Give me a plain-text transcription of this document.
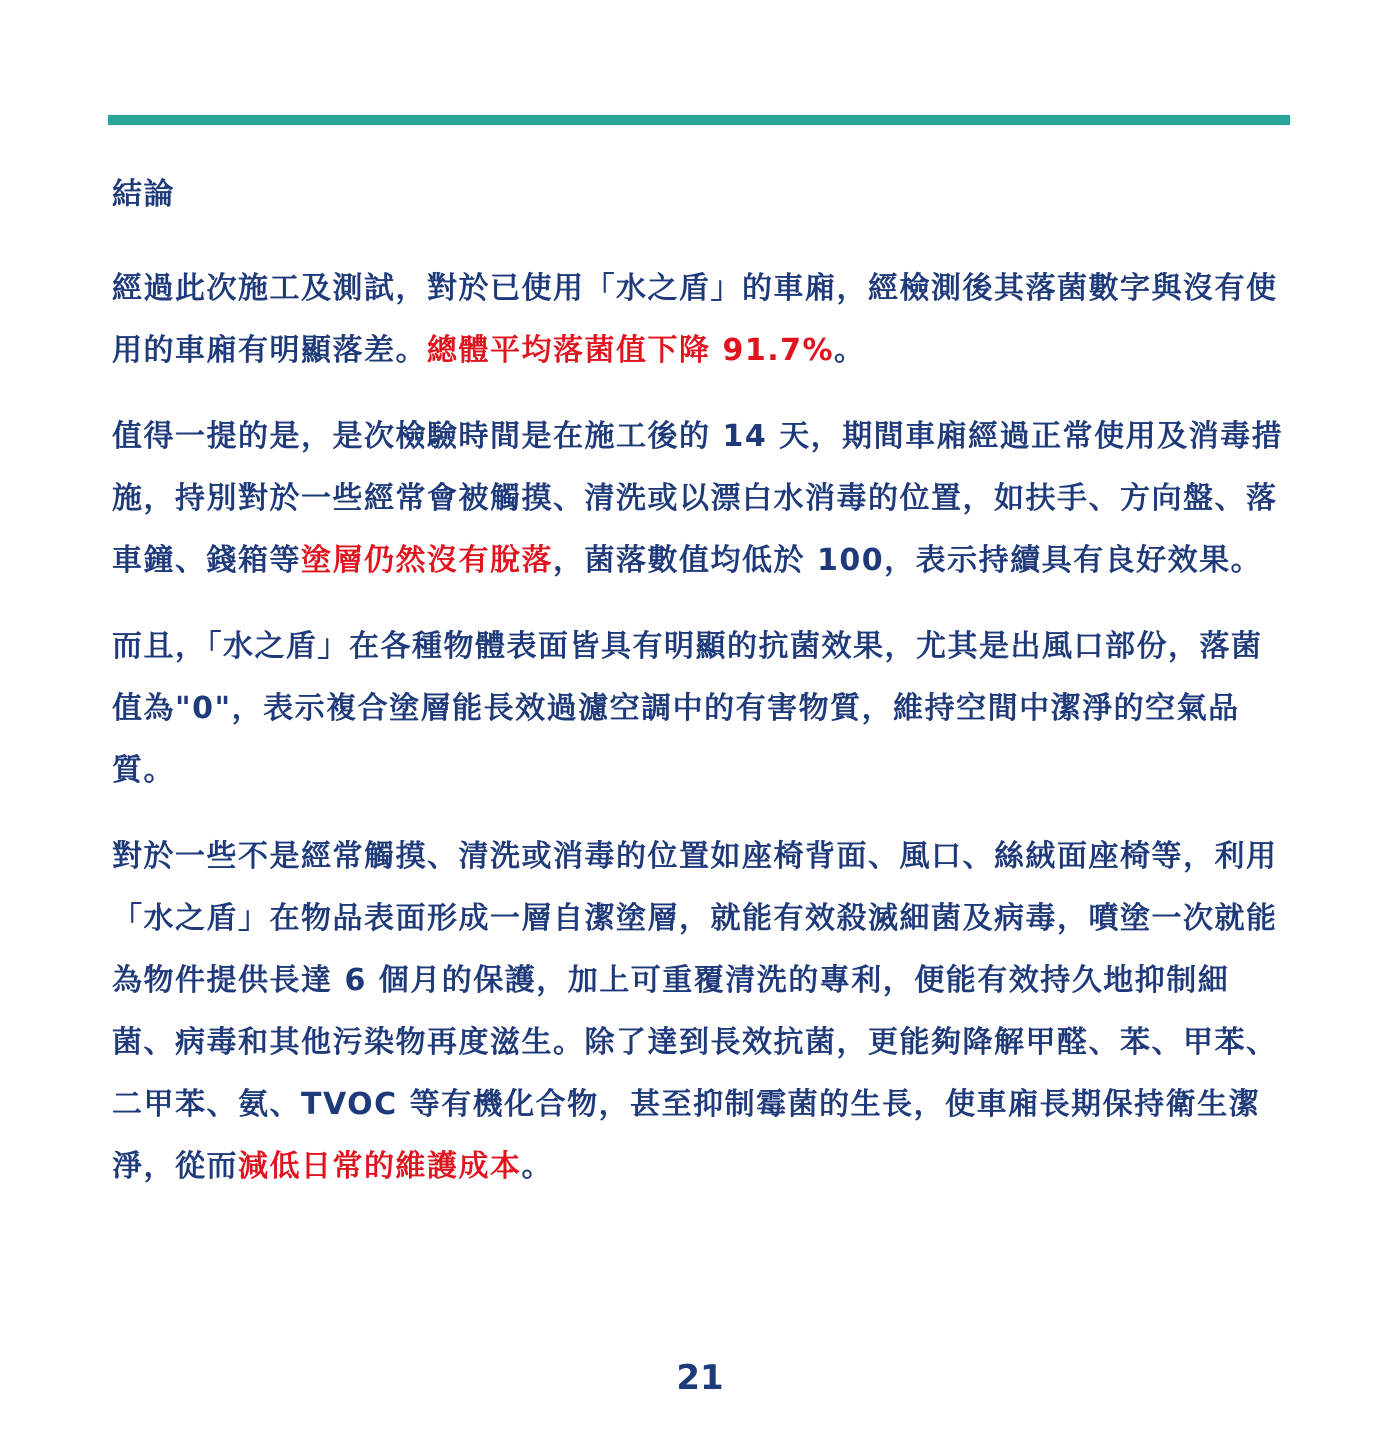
結論
經過此次施工及測試，對於已使用「水之盾」的車廂，經檢測後其落菌數字與沒有使用的車廂有明顯落差。總體平均落菌值下降 91.7%。
值得一提的是，是次檢驗時間是在施工後的 14 天，期間車廂經過正常使用及消毒措施，持別對於一些經常會被觸摸、清洗或以漂白水消毒的位置，如扶手、方向盤、落車鐘、錢箱等塗層仍然沒有脫落，菌落數值均低於 100，表示持續具有良好效果。
而且，「水之盾」在各種物體表面皆具有明顯的抗菌效果，尤其是出風口部份，落菌值為"0"，表示複合塗層能長效過濾空調中的有害物質，維持空間中潔淨的空氣品質。
對於一些不是經常觸摸、清洗或消毒的位置如座椅背面、風口、絲絨面座椅等，利用「水之盾」在物品表面形成一層自潔塗層，就能有效殺滅細菌及病毒，噴塗一次就能為物件提供長達 6 個月的保護，加上可重覆清洗的專利，便能有效持久地抑制細菌、病毒和其他污染物再度滋生。除了達到長效抗菌，更能夠降解甲醛、苯、甲苯、二甲苯、氨、TVOC 等有機化合物，甚至抑制霉菌的生長，使車廂長期保持衛生潔淨，從而減低日常的維護成本。
21
